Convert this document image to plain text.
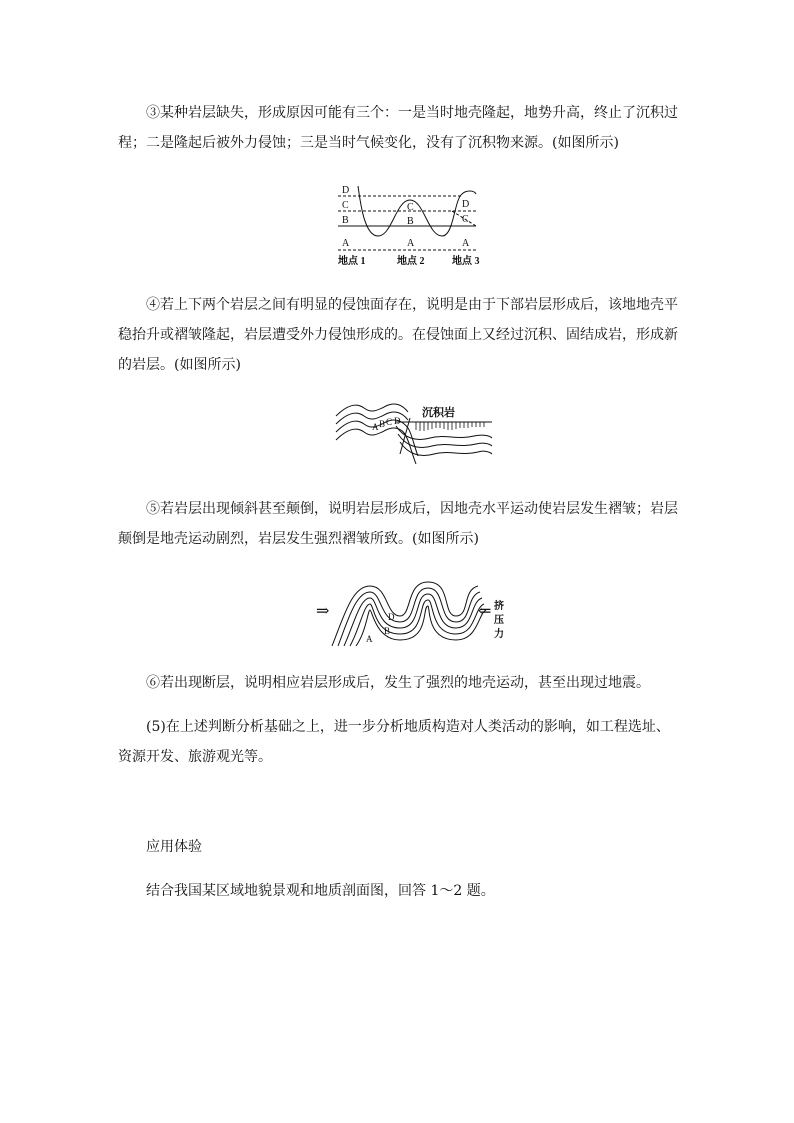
③某种岩层缺失，形成原因可能有三个：一是当时地壳隆起，地势升高，终止了沉积过程；二是隆起后被外力侵蚀；三是当时气候变化，没有了沉积物来源。(如图所示)

D
C
B
A
C
B
A
D
C
A
地点 1	地点 2	地点 3

④若上下两个岩层之间有明显的侵蚀面存在，说明是由于下部岩层形成后，该地地壳平稳抬升或褶皱隆起，岩层遭受外力侵蚀形成的。在侵蚀面上又经过沉积、固结成岩，形成新的岩层。(如图所示)

沉积岩
A B C D

⑤若岩层出现倾斜甚至颠倒，说明岩层形成后，因地壳水平运动使岩层发生褶皱；岩层颠倒是地壳运动剧烈，岩层发生强烈褶皱所致。(如图所示)

⇒	⇐ 挤
压
力
A
B
D

⑥若出现断层，说明相应岩层形成后，发生了强烈的地壳运动，甚至出现过地震。

(5)在上述判断分析基础之上，进一步分析地质构造对人类活动的影响，如工程选址、资源开发、旅游观光等。

应用体验

结合我国某区域地貌景观和地质剖面图，回答 1～2 题。
